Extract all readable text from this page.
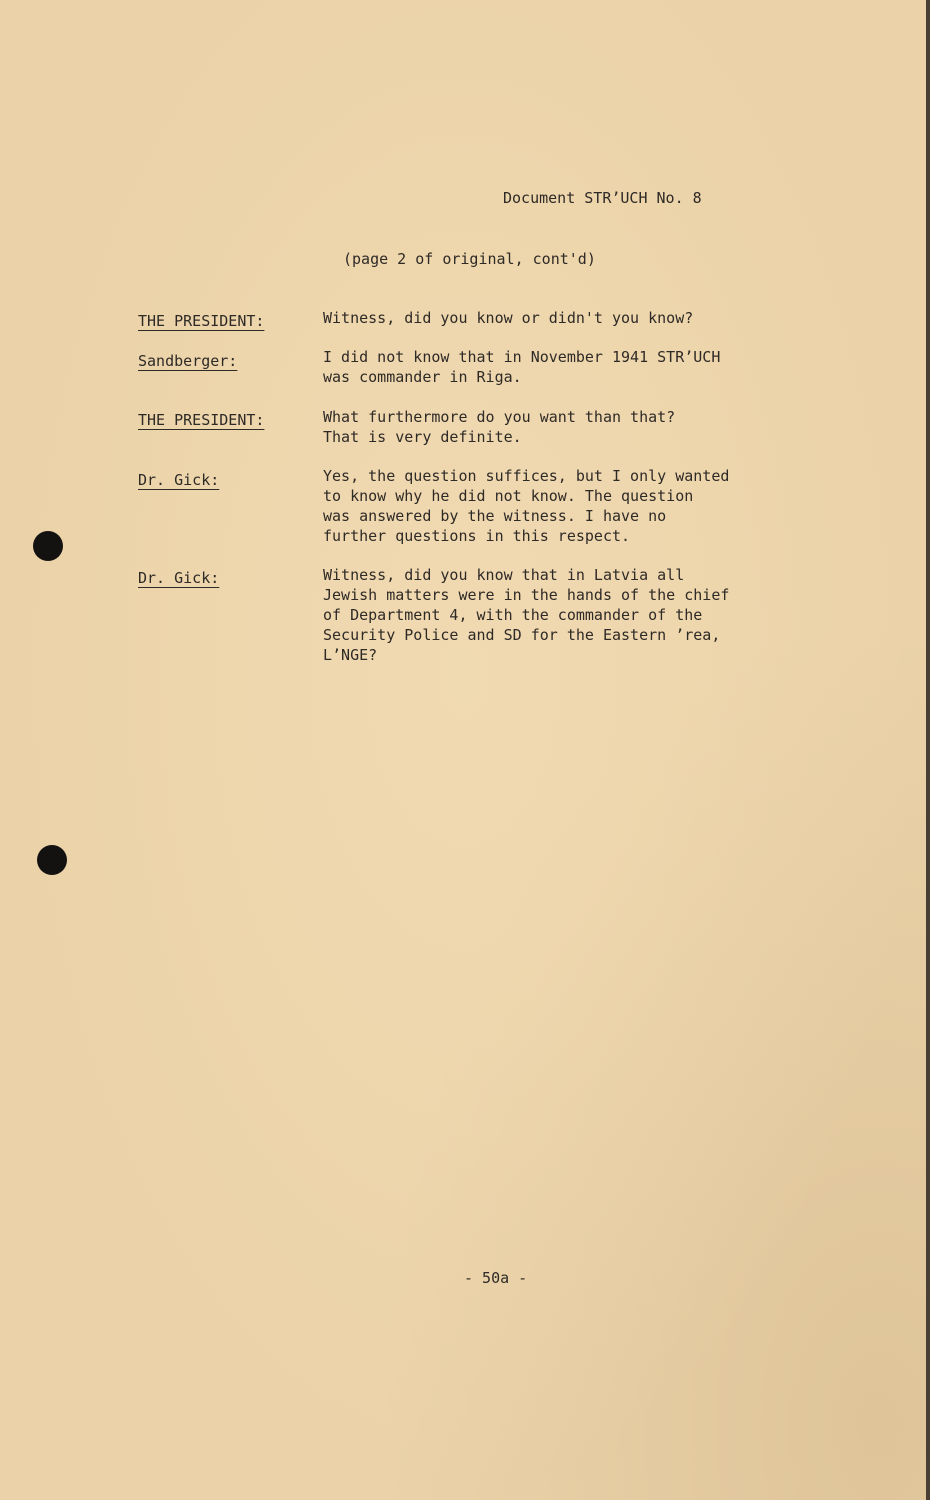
Document STR’UCH No. 8
(page 2 of original, cont'd)
THE PRESIDENT:	Witness, did you know or didn't you know?
Sandberger:	I did not know that in November 1941 STR’UCH
was commander in Riga.
THE PRESIDENT:	What furthermore do you want than that?
That is very definite.
Dr. Gick:	Yes, the question suffices, but I only wanted
to know why he did not know. The question
was answered by the witness. I have no
further questions in this respect.
Dr. Gick:	Witness, did you know that in Latvia all
Jewish matters were in the hands of the chief
of Department 4, with the commander of the
Security Police and SD for the Eastern ’rea,
L’NGE?
- 50a -
